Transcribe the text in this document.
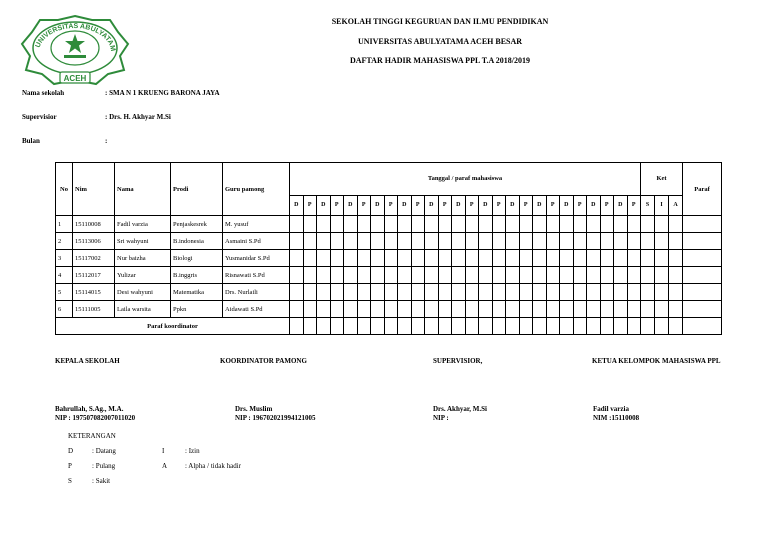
UNIVERSITAS ABULYATAM
ACEH
SEKOLAH TINGGI KEGURUAN DAN ILMU PENDIDIKAN
UNIVERSITAS ABULYATAMA ACEH BESAR
DAFTAR HADIR MAHASISWA PPL T.A 2018/2019
Nama sekolah	: SMA N 1 KRUENG BARONA JAYA
Supervisior	: Drs. H. Akhyar M.Si
Bulan	:
No	Nim	Nama	Prodi	Guru pamong	Tanggal / paraf mahasiswa																										Ket			Paraf
					D	P	D	P	D	P	D	P	D	P	D	P	D	P	D	P	D	P	D	P	D	P	D	P	D	P	S	I	A	
1	15110008	Fadil varzia	Penjaskesrek	M. yusuf																														
2	15113006	Sri wahyuni	B.indonesia	Asmaini S.Pd																														
3	15117002	Nur baizha	Biologi	Yusmanidar S.Pd																														
4	15112017	Yulizar	B.inggris	Risnawati S.Pd																														
5	15114015	Desi wahyuni	Matematika	Drs. Nurlaili																														
6	15111005	Laila warsita	Ppkn	Aidawati S.Pd																														
Paraf koordinator																																		
KEPALA SEKOLAH	KOORDINATOR PAMONG	SUPERVISIOR,	KETUA KELOMPOK MAHASISWA PPL
Bahrullah, S.Ag., M.A.
NIP : 197507082007011020
Drs. Muslim
NIP : 196702021994121005
Drs. Akhyar, M.Si
NIP :
Fadil varzia
NIM :15110008
KETERANGAN
D	: Datang	I	: Izin
P	: Pulang	A	: Alpha / tidak hadir
S	: Sakit
